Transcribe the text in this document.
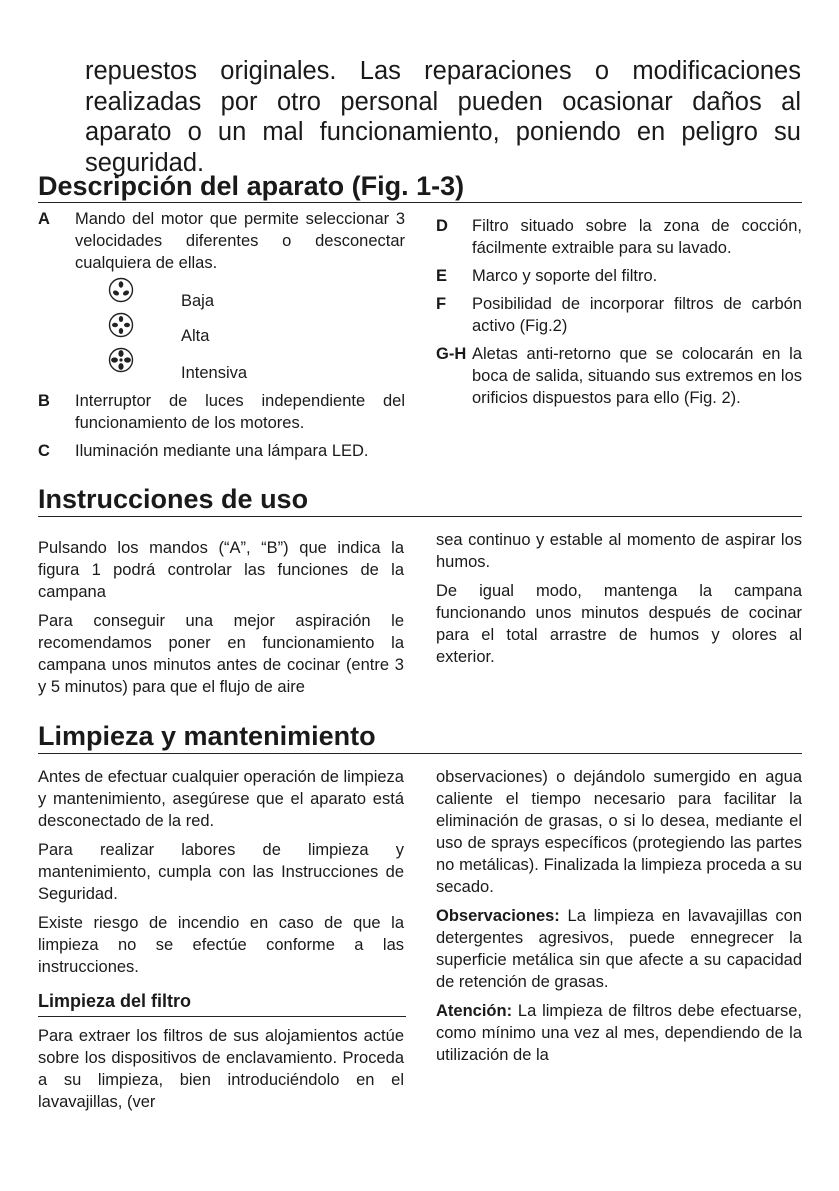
repuestos originales. Las reparaciones o modificaciones realizadas por otro personal pueden ocasionar daños al aparato o un mal funcionamiento, poniendo en peligro su seguridad.

Descripción del aparato (Fig. 1-3)
A Mando del motor que permite seleccionar 3 velocidades diferentes o desconectar cualquiera de ellas.
Baja
Alta
Intensiva
B Interruptor de luces independiente del funcionamiento de los motores.
C Iluminación mediante una lámpara LED.
D Filtro situado sobre la zona de cocción, fácilmente extraible para su lavado.
E Marco y soporte del filtro.
F Posibilidad de incorporar filtros de carbón activo (Fig.2)
G-H Aletas anti-retorno que se colocarán en la boca de salida, situando sus extremos en los orificios dispuestos para ello (Fig. 2).
Instrucciones de uso

Pulsando los mandos (“A”, “B”) que indica la figura 1 podrá controlar las funciones de la campana

Para conseguir una mejor aspiración le recomendamos poner en funcionamiento la campana unos minutos antes de cocinar (entre 3 y 5 minutos) para que el flujo de aire

sea continuo y estable al momento de aspirar los humos.

De igual modo, mantenga la campana funcionando unos minutos después de cocinar para el total arrastre de humos y olores al exterior.

Limpieza y mantenimiento

Antes de efectuar cualquier operación de limpieza y mantenimiento, asegúrese que el aparato está desconectado de la red.

Para realizar labores de limpieza y mantenimiento, cumpla con las Instrucciones de Seguridad.

Existe riesgo de incendio en caso de que la limpieza no se efectúe conforme a las instrucciones.

Limpieza del filtro

Para extraer los filtros de sus alojamientos actúe sobre los dispositivos de enclavamiento. Proceda a su limpieza, bien introduciéndolo en el lavavajillas, (ver

observaciones) o dejándolo sumergido en agua caliente el tiempo necesario para facilitar la eliminación de grasas, o si lo desea, mediante el uso de sprays específicos (protegiendo las partes no metálicas). Finalizada la limpieza proceda a su secado.

Observaciones: La limpieza en lavavajillas con detergentes agresivos, puede ennegrecer la superficie metálica sin que afecte a su capacidad de retención de grasas.

Atención: La limpieza de filtros debe efectuarse, como mínimo una vez al mes, dependiendo de la utilización de la
